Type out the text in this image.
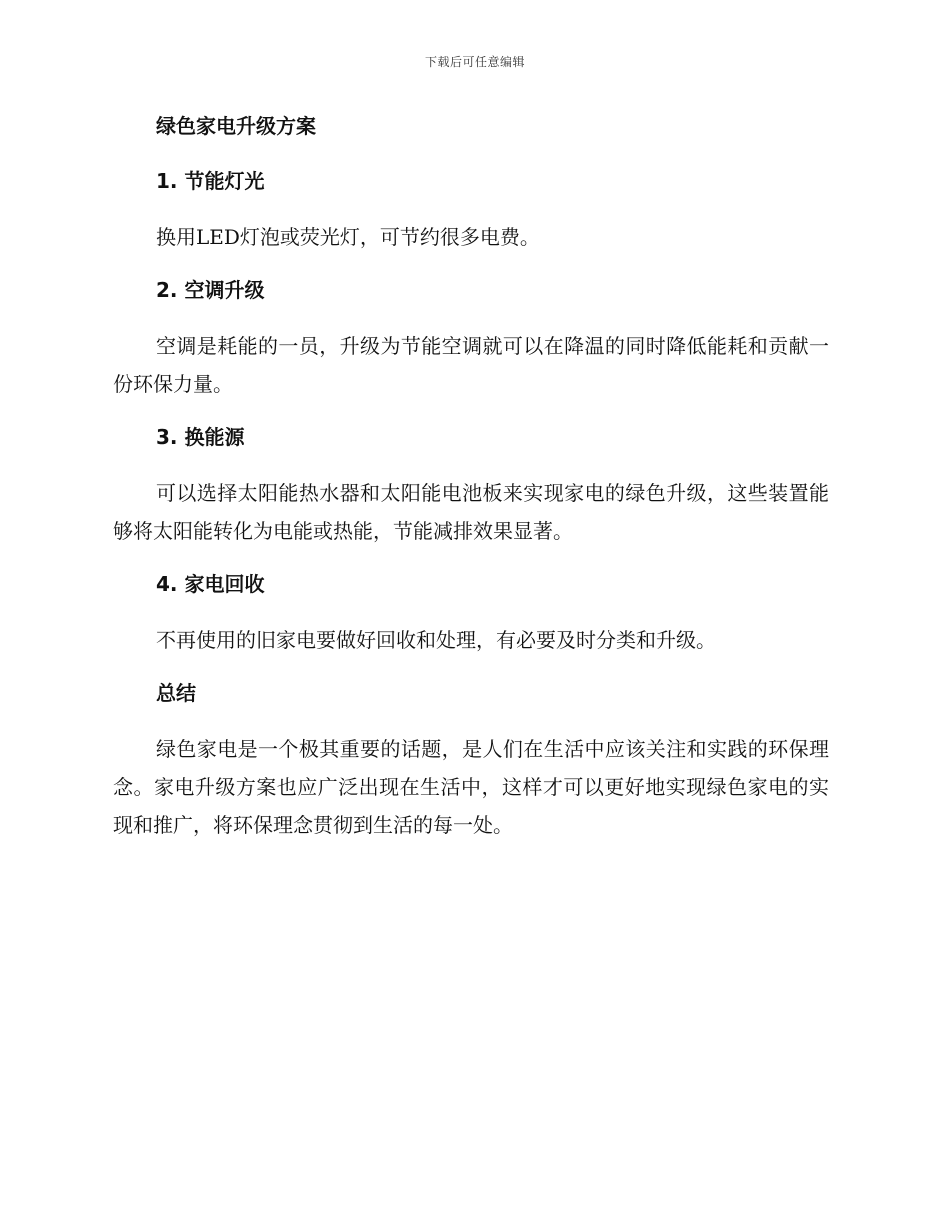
下载后可任意编辑
绿色家电升级方案
1. 节能灯光
换用LED灯泡或荧光灯，可节约很多电费。
2. 空调升级
空调是耗能的一员，升级为节能空调就可以在降温的同时降低能耗和贡献一份环保力量。
3. 换能源
可以选择太阳能热水器和太阳能电池板来实现家电的绿色升级，这些装置能够将太阳能转化为电能或热能，节能减排效果显著。
4. 家电回收
不再使用的旧家电要做好回收和处理，有必要及时分类和升级。
总结
绿色家电是一个极其重要的话题，是人们在生活中应该关注和实践的环保理念。家电升级方案也应广泛出现在生活中，这样才可以更好地实现绿色家电的实现和推广，将环保理念贯彻到生活的每一处。
